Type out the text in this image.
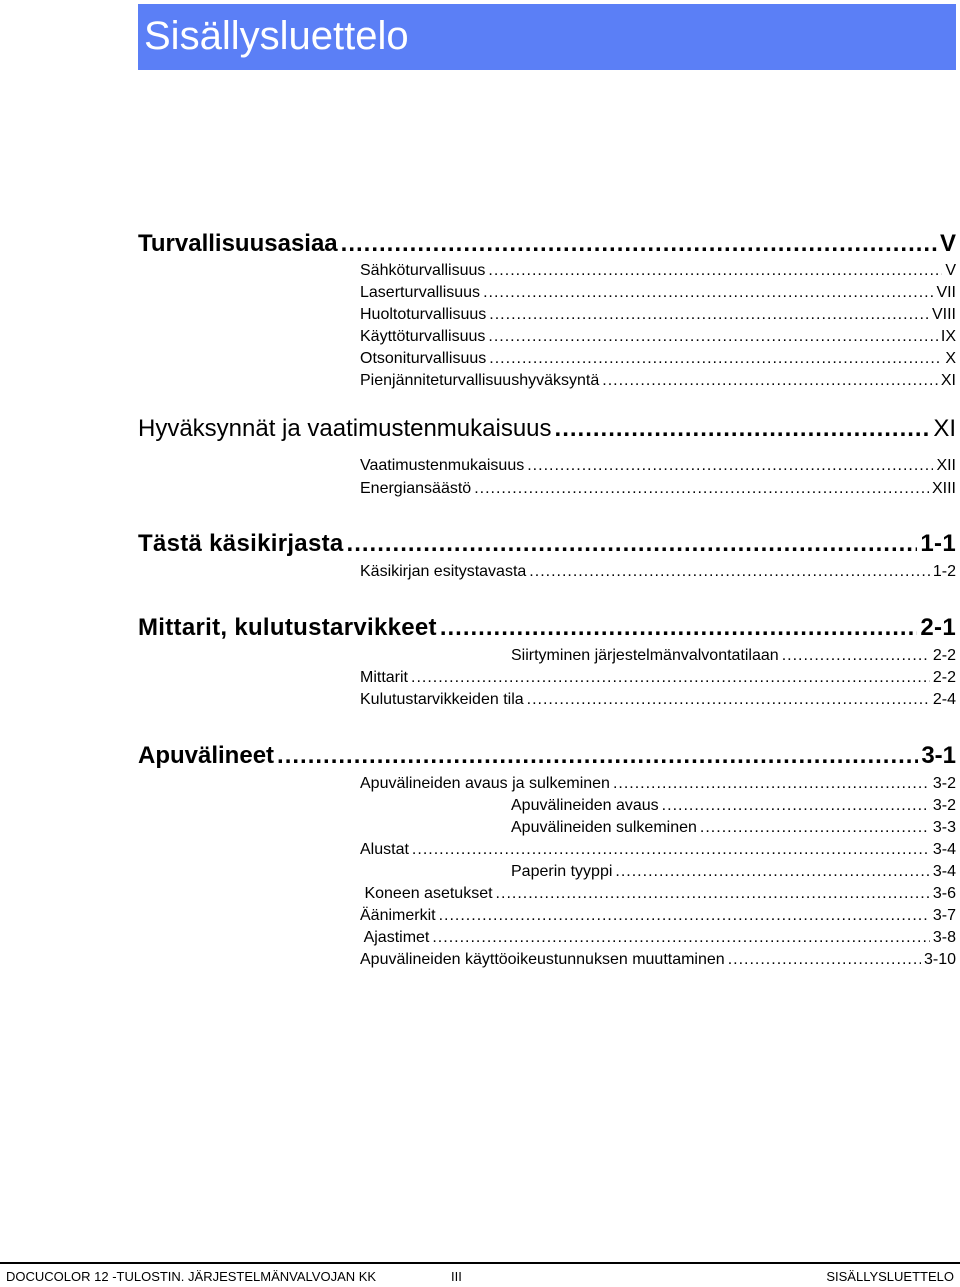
Sisällysluettelo
Turvallisuusasiaa .....	V
Sähköturvallisuus .....	V
Laserturvallisuus .....	VII
Huoltoturvallisuus .....	VIII
Käyttöturvallisuus .....	IX
Otsoniturvallisuus .....	X
Pienjänniteturvallisuushyväksyntä .....	XI
Hyväksynnät ja vaatimustenmukaisuus .....	XI
Vaatimustenmukaisuus .....	XII
Energiansäästö .....	XIII
Tästä käsikirjasta .....	1-1
Käsikirjan esitystavasta .....	1-2
Mittarit, kulutustarvikkeet .....	2-1
Siirtyminen järjestelmänvalvontatilaan .....	2-2
Mittarit .....	2-2
Kulutustarvikkeiden tila .....	2-4
Apuvälineet .....	3-1
Apuvälineiden avaus ja sulkeminen .....	3-2
Apuvälineiden avaus .....	3-2
Apuvälineiden sulkeminen .....	3-3
Alustat .....	3-4
Paperin tyyppi .....	3-4
Koneen asetukset .....	3-6
Äänimerkit .....	3-7
Ajastimet .....	3-8
Apuvälineiden käyttöoikeustunnuksen muuttaminen .....	3-10
DOCUCOLOR 12 -TULOSTIN. JÄRJESTELMÄNVALVOJAN KK	III	SISÄLLYSLUETTELO
